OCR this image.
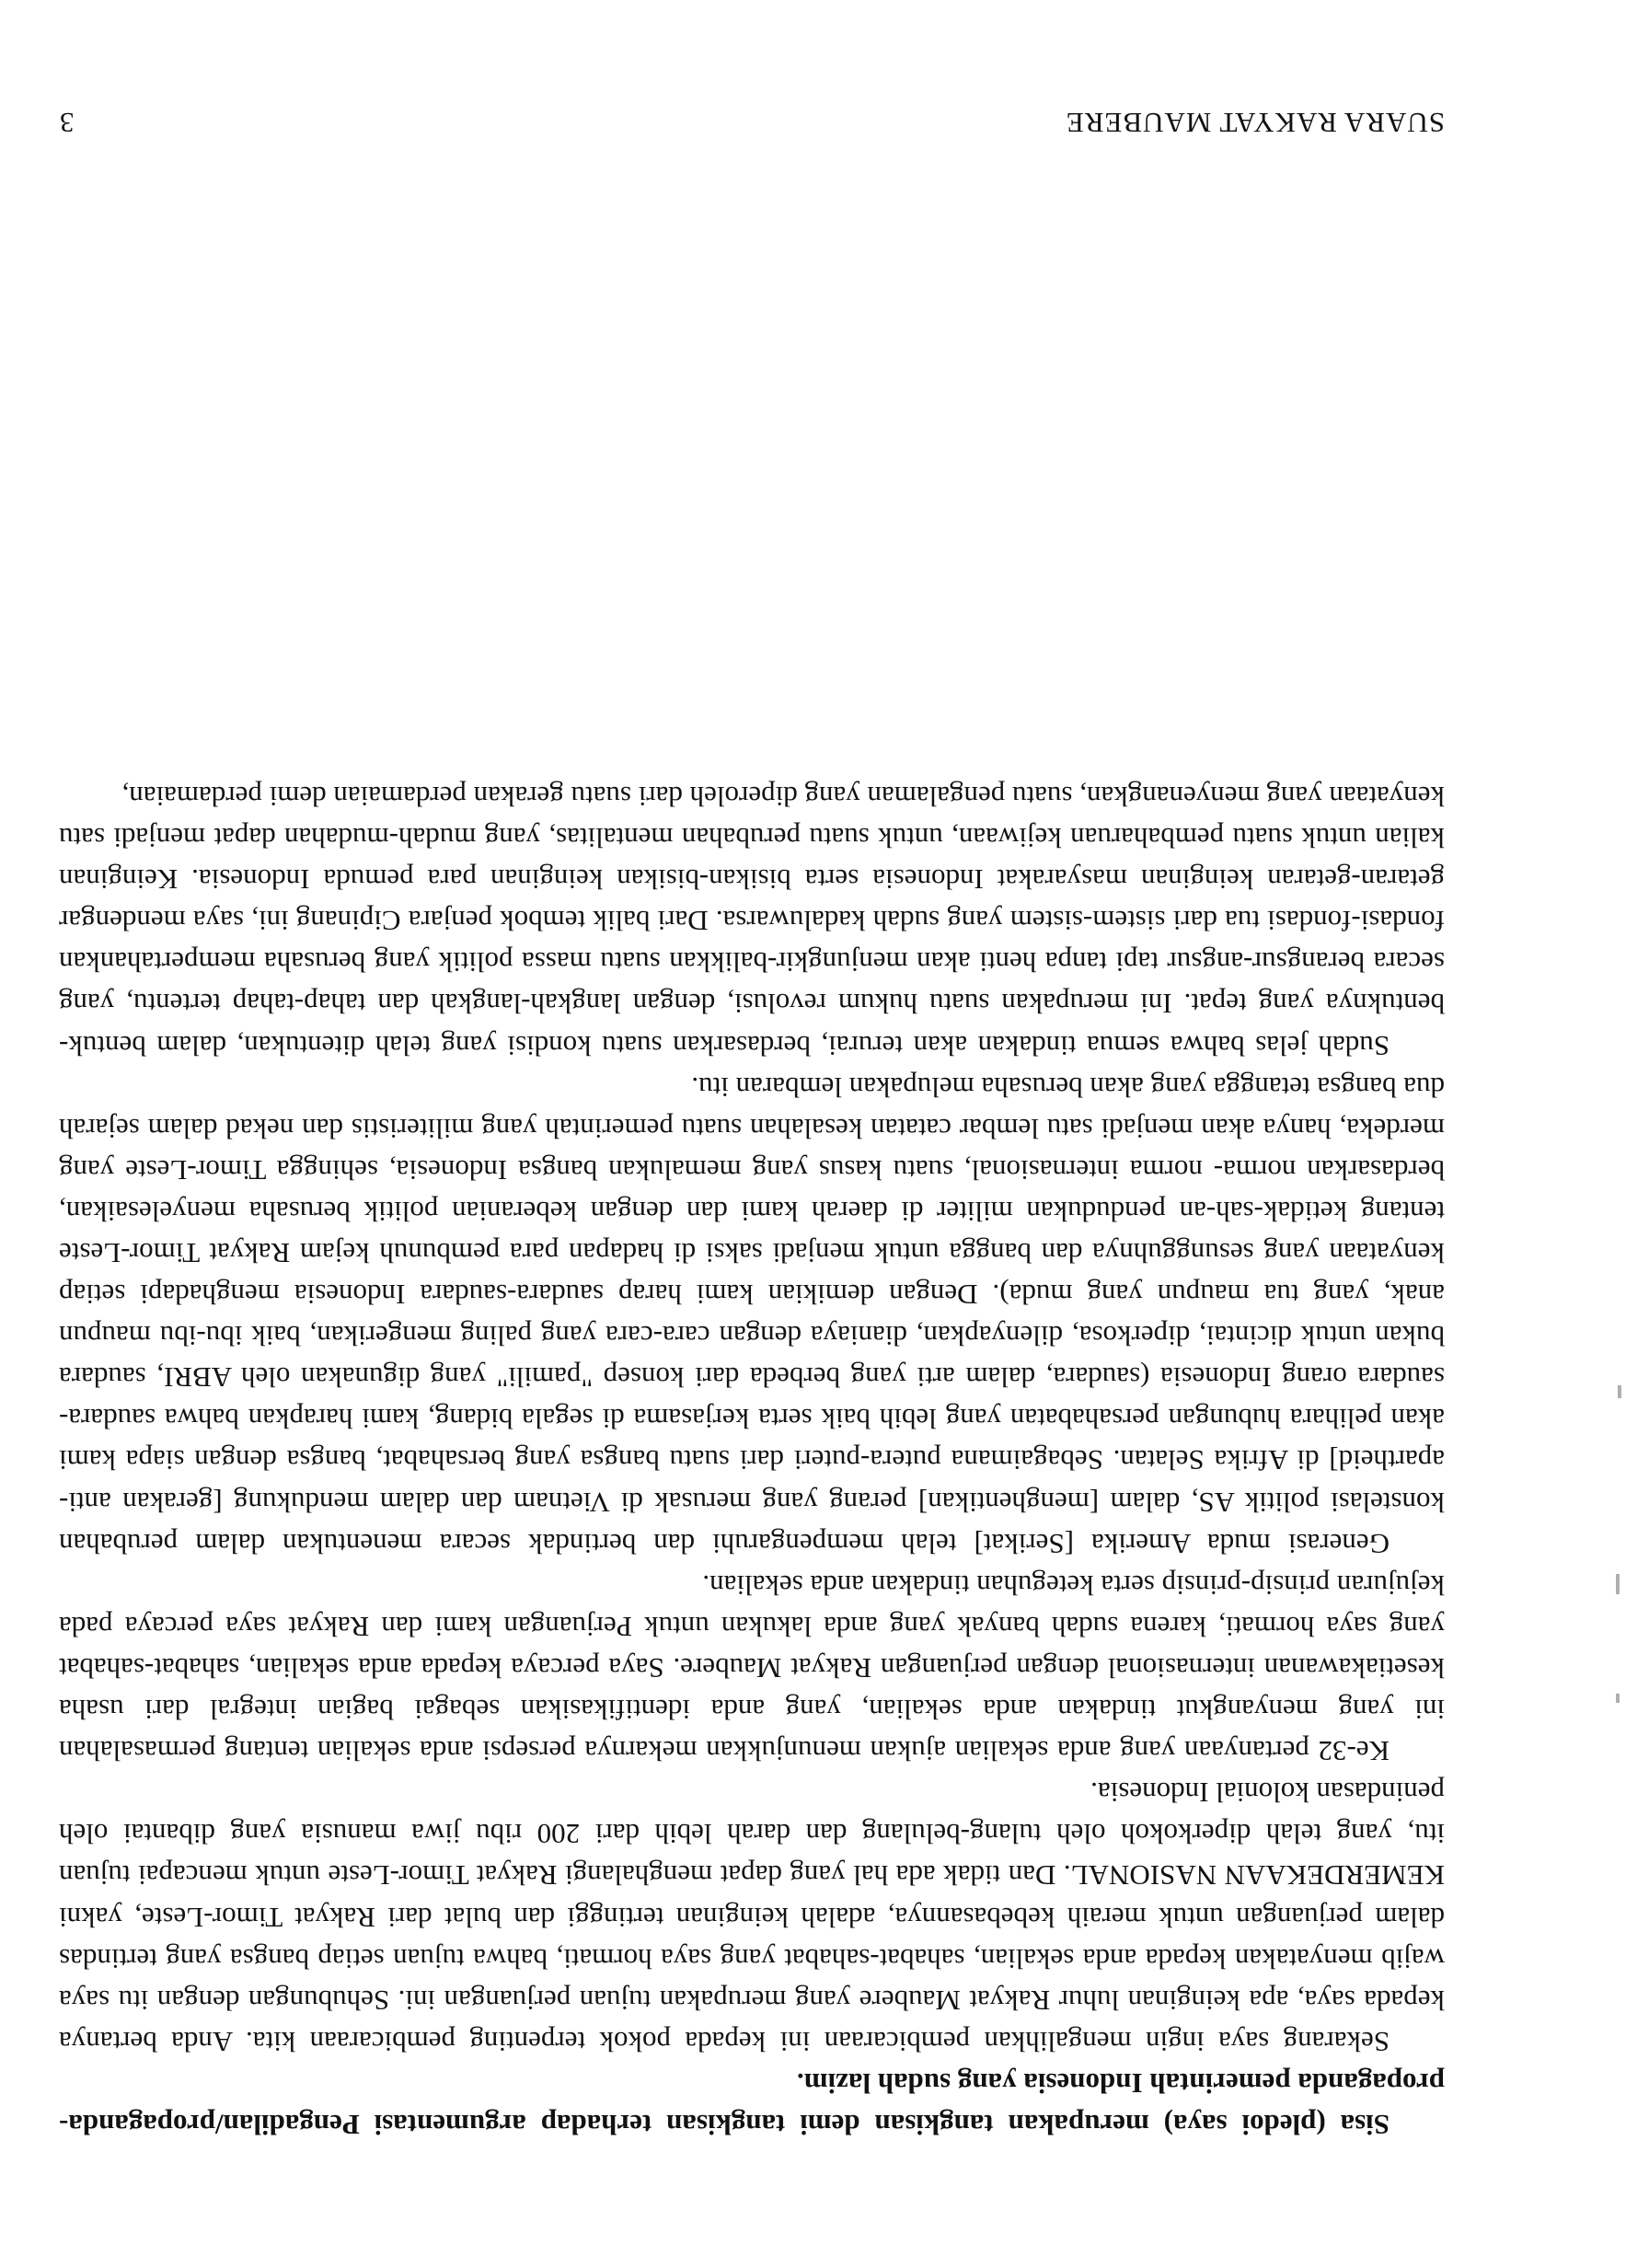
Sisa (pledoi saya) merupakan tangkisan demi tangkisan terhadap argumentasi Pengadilan/propaganda-propaganda pemerintah Indonesia yang sudah lazim.

Sekarang saya ingin mengalihkan pembicaraan ini kepada pokok terpenting pembicaraan kita. Anda bertanya kepada saya, apa keinginan luhur Rakyat Maubere yang merupakan tujuan perjuangan ini. Sehubungan dengan itu saya wajib menyatakan kepada anda sekalian, sahabat-sahabat yang saya hormati, bahwa tujuan setiap bangsa yang tertindas dalam perjuangan untuk meraih kebebasannya, adalah keinginan tertinggi dan bulat dari Rakyat Timor-Leste, yakni KEMERDEKAAN NASIONAL. Dan tidak ada hal yang dapat menghalangi Rakyat Timor-Leste untuk mencapai tujuan itu, yang telah diperkokoh oleh tulang-belulang dan darah lebih dari 200 ribu jiwa manusia yang dibantai oleh penindasan kolonial Indonesia.

Ke-32 pertanyaan yang anda sekalian ajukan menunjukkan mekarnya persepsi anda sekalian tentang permasalahan ini yang menyangkut tindakan anda sekalian, yang anda identifikasikan sebagai bagian integral dari usaha kesetiakawanan internasional dengan perjuangan Rakyat Maubere. Saya percaya kepada anda sekalian, sahabat-sahabat yang saya hormati, karena sudah banyak yang anda lakukan untuk Perjuangan kami dan Rakyat saya percaya pada kejujuran prinsip-prinsip serta keteguhan tindakan anda sekalian.

Generasi muda Amerika [Serikat] telah mempengaruhi dan bertindak secara menentukan dalam perubahan konstelasi politik AS, dalam [menghentikan] perang yang merusak di Vietnam dan dalam mendukung [gerakan anti-apartheid] di Afrika Selatan. Sebagaimana putera-puteri dari suatu bangsa yang bersahabat, bangsa dengan siapa kami akan pelihara hubungan persahabatan yang lebih baik serta kerjasama di segala bidang, kami harapkan bahwa saudara-saudara orang Indonesia (saudara, dalam arti yang berbeda dari konsep "pamili" yang digunakan oleh ABRI, saudara bukan untuk dicintai, diperkosa, dilenyapkan, dianiaya dengan cara-cara yang paling mengerikan, baik ibu-ibu maupun anak, yang tua maupun yang muda). Dengan demikian kami harap saudara-saudara Indonesia menghadapi setiap kenyataan yang sesungguhnya dan bangga untuk menjadi saksi di hadapan para pembunuh kejam Rakyat Timor-Leste tentang ketidak-sah-an pendudukan militer di daerah kami dan dengan keberanian politik berusaha menyelesaikan, berdasarkan norma- norma internasional, suatu kasus yang memalukan bangsa Indonesia, sehingga Timor-Leste yang merdeka, hanya akan menjadi satu lembar catatan kesalahan suatu pemerintah yang militeristis dan nekad dalam sejarah dua bangsa tetangga yang akan berusaha melupakan lembaran itu.

Sudah jelas bahwa semua tindakan akan terurai, berdasarkan suatu kondisi yang telah ditentukan, dalam bentuk-bentuknya yang tepat. Ini merupakan suatu hukum revolusi, dengan langkah-langkah dan tahap-tahap tertentu, yang secara berangsur-angsur tapi tanpa henti akan menjungkir-balikkan suatu massa politik yang berusaha mempertahankan fondasi-fondasi tua dari sistem-sistem yang sudah kadaluwarsa. Dari balik tembok penjara Cipinang ini, saya mendengar getaran-getaran keinginan masyarakat Indonesia serta bisikan-bisikan keinginan para pemuda Indonesia. Keinginan kalian untuk suatu pembaharuan kejiwaan, untuk suatu perubahan mentalitas, yang mudah-mudahan dapat menjadi satu kenyataan yang menyenangkan, suatu pengalaman yang diperoleh dari suatu gerakan perdamaian demi perdamaian,

SUARA RAKYAT MAUBERE
3
